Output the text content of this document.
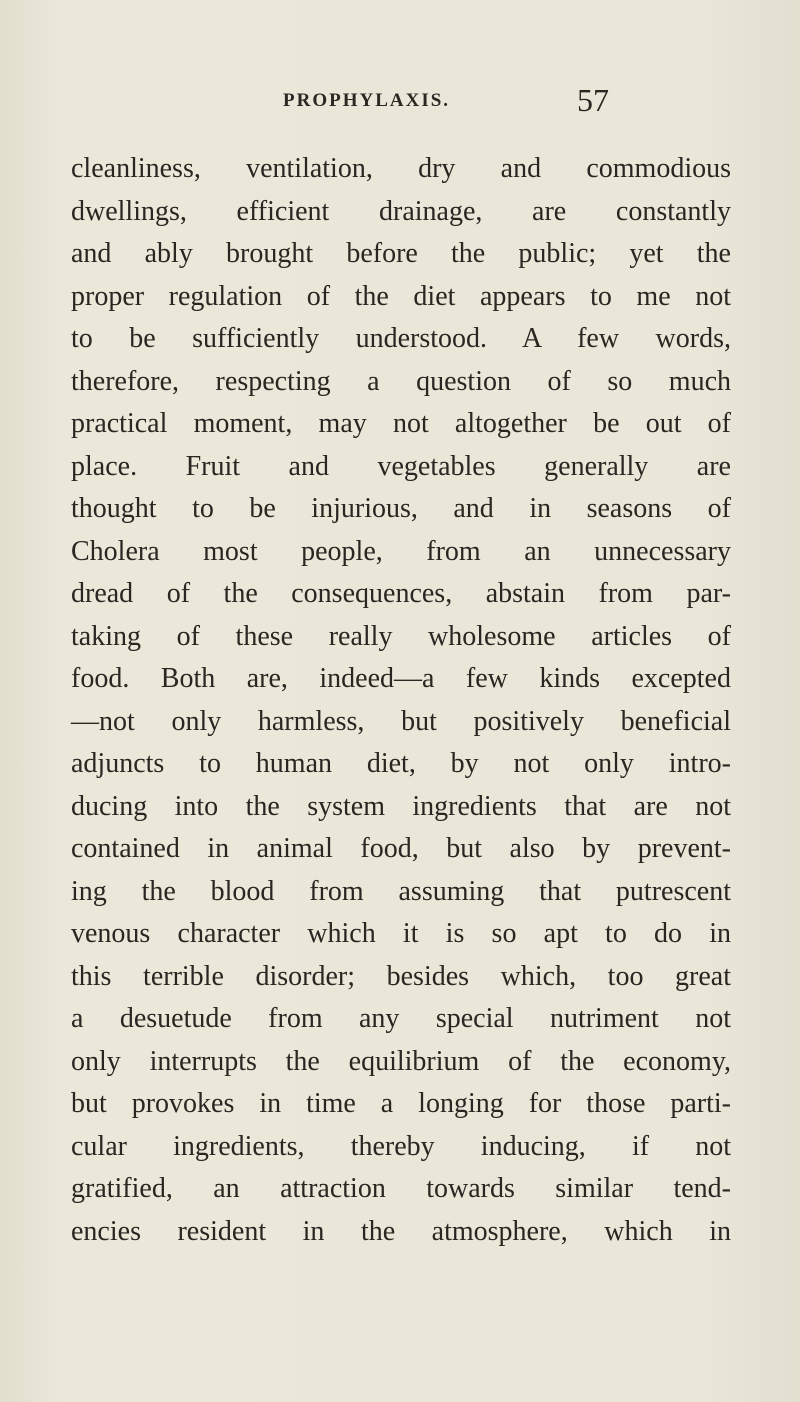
PROPHYLAXIS.	57
cleanliness, ventilation, dry and commodious
dwellings, efficient drainage, are constantly
and ably brought before the public; yet the
proper regulation of the diet appears to me not
to be sufficiently understood. A few words,
therefore, respecting a question of so much
practical moment, may not altogether be out of
place. Fruit and vegetables generally are
thought to be injurious, and in seasons of
Cholera most people, from an unnecessary
dread of the consequences, abstain from par-
taking of these really wholesome articles of
food. Both are, indeed—a few kinds excepted
—not only harmless, but positively beneficial
adjuncts to human diet, by not only intro-
ducing into the system ingredients that are not
contained in animal food, but also by prevent-
ing the blood from assuming that putrescent
venous character which it is so apt to do in
this terrible disorder; besides which, too great
a desuetude from any special nutriment not
only interrupts the equilibrium of the economy,
but provokes in time a longing for those parti-
cular ingredients, thereby inducing, if not
gratified, an attraction towards similar tend-
encies resident in the atmosphere, which in
